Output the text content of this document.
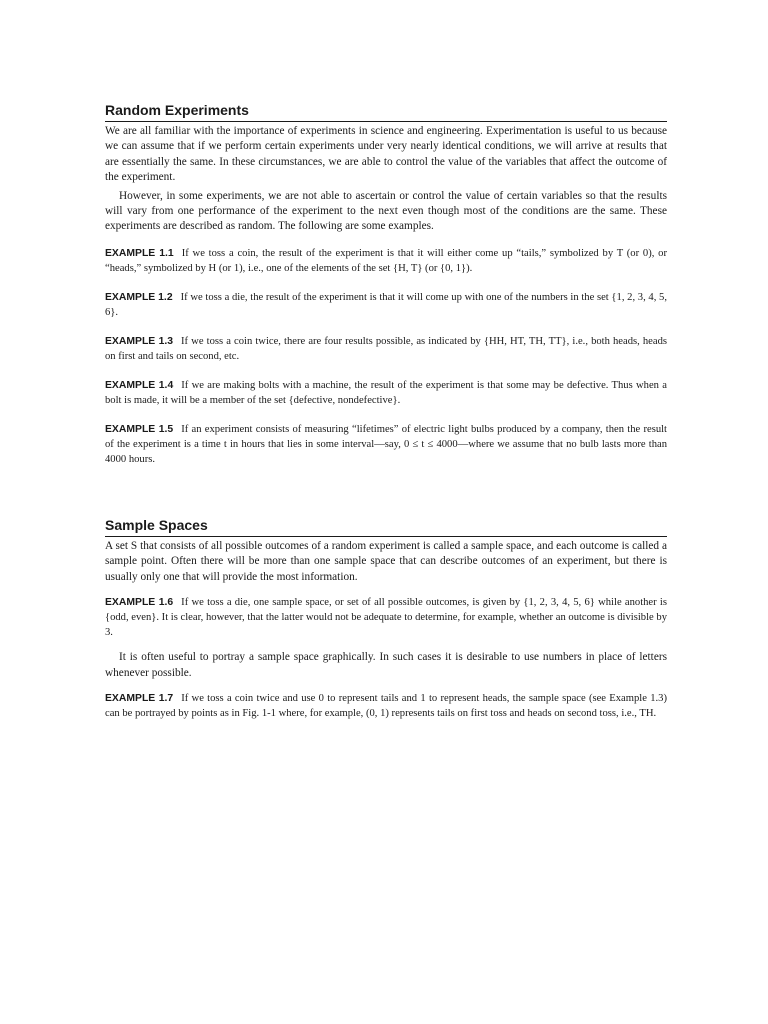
Random Experiments

We are all familiar with the importance of experiments in science and engineering. Experimentation is useful to us because we can assume that if we perform certain experiments under very nearly identical conditions, we will arrive at results that are essentially the same. In these circumstances, we are able to control the value of the variables that affect the outcome of the experiment.

However, in some experiments, we are not able to ascertain or control the value of certain variables so that the results will vary from one performance of the experiment to the next even though most of the conditions are the same. These experiments are described as random. The following are some examples.

EXAMPLE 1.1 If we toss a coin, the result of the experiment is that it will either come up “tails,” symbolized by T (or 0), or “heads,” symbolized by H (or 1), i.e., one of the elements of the set {H, T} (or {0, 1}).

EXAMPLE 1.2 If we toss a die, the result of the experiment is that it will come up with one of the numbers in the set {1, 2, 3, 4, 5, 6}.

EXAMPLE 1.3 If we toss a coin twice, there are four results possible, as indicated by {HH, HT, TH, TT}, i.e., both heads, heads on first and tails on second, etc.

EXAMPLE 1.4 If we are making bolts with a machine, the result of the experiment is that some may be defective. Thus when a bolt is made, it will be a member of the set {defective, nondefective}.

EXAMPLE 1.5 If an experiment consists of measuring “lifetimes” of electric light bulbs produced by a company, then the result of the experiment is a time t in hours that lies in some interval—say, 0 ≤ t ≤ 4000—where we assume that no bulb lasts more than 4000 hours.

Sample Spaces

A set S that consists of all possible outcomes of a random experiment is called a sample space, and each outcome is called a sample point. Often there will be more than one sample space that can describe outcomes of an experiment, but there is usually only one that will provide the most information.

EXAMPLE 1.6 If we toss a die, one sample space, or set of all possible outcomes, is given by {1, 2, 3, 4, 5, 6} while another is {odd, even}. It is clear, however, that the latter would not be adequate to determine, for example, whether an outcome is divisible by 3.

It is often useful to portray a sample space graphically. In such cases it is desirable to use numbers in place of letters whenever possible.

EXAMPLE 1.7 If we toss a coin twice and use 0 to represent tails and 1 to represent heads, the sample space (see Example 1.3) can be portrayed by points as in Fig. 1-1 where, for example, (0, 1) represents tails on first toss and heads on second toss, i.e., TH.
